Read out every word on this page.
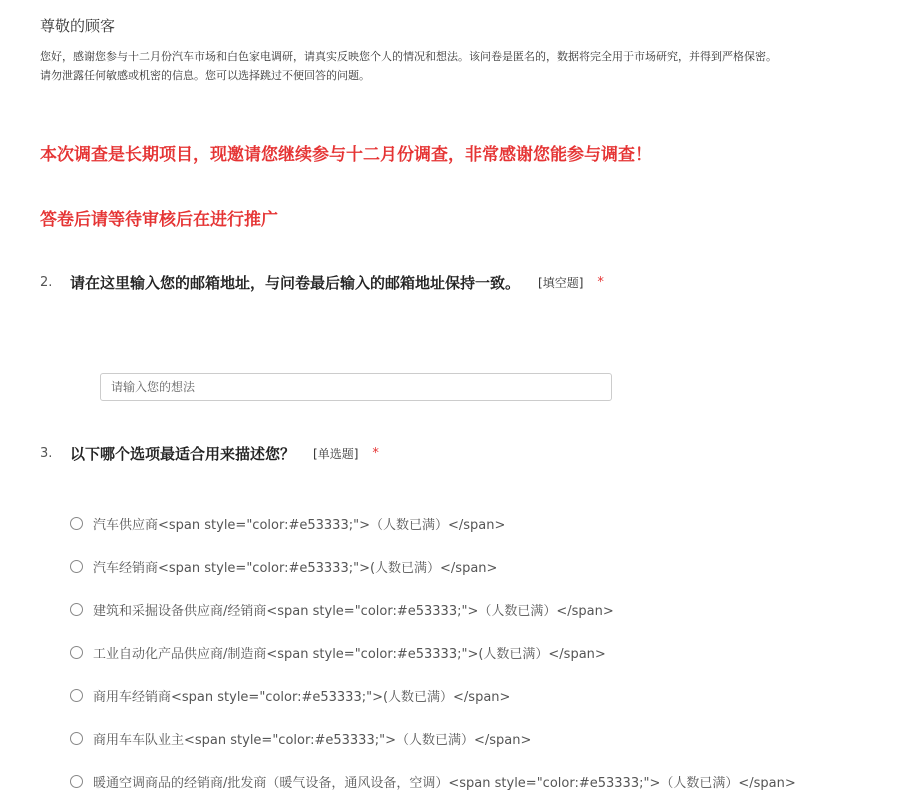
尊敬的顾客
您好，感谢您参与十二月份汽车市场和白色家电调研，请真实反映您个人的情况和想法。该问卷是匿名的，数据将完全用于市场研究，并得到严格保密。
请勿泄露任何敏感或机密的信息。您可以选择跳过不便回答的问题。
本次调查是长期项目，现邀请您继续参与十二月份调查，非常感谢您能参与调查！
答卷后请等待审核后在进行推广
2.	请在这里输入您的邮箱地址，与问卷最后输入的邮箱地址保持一致。 [填空题] *
请输入您的想法
3.	以下哪个选项最适合用来描述您？ [单选题] *
汽车供应商<span style="color:#e53333;">（人数已满）</span>
汽车经销商<span style="color:#e53333;">(人数已满）</span>
建筑和采掘设备供应商/经销商<span style="color:#e53333;">（人数已满）</span>
工业自动化产品供应商/制造商<span style="color:#e53333;">(人数已满）</span>
商用车经销商<span style="color:#e53333;">(人数已满）</span>
商用车车队业主<span style="color:#e53333;">（人数已满）</span>
暖通空调商品的经销商/批发商（暖气设备，通风设备，空调）<span style="color:#e53333;">（人数已满）</span>
